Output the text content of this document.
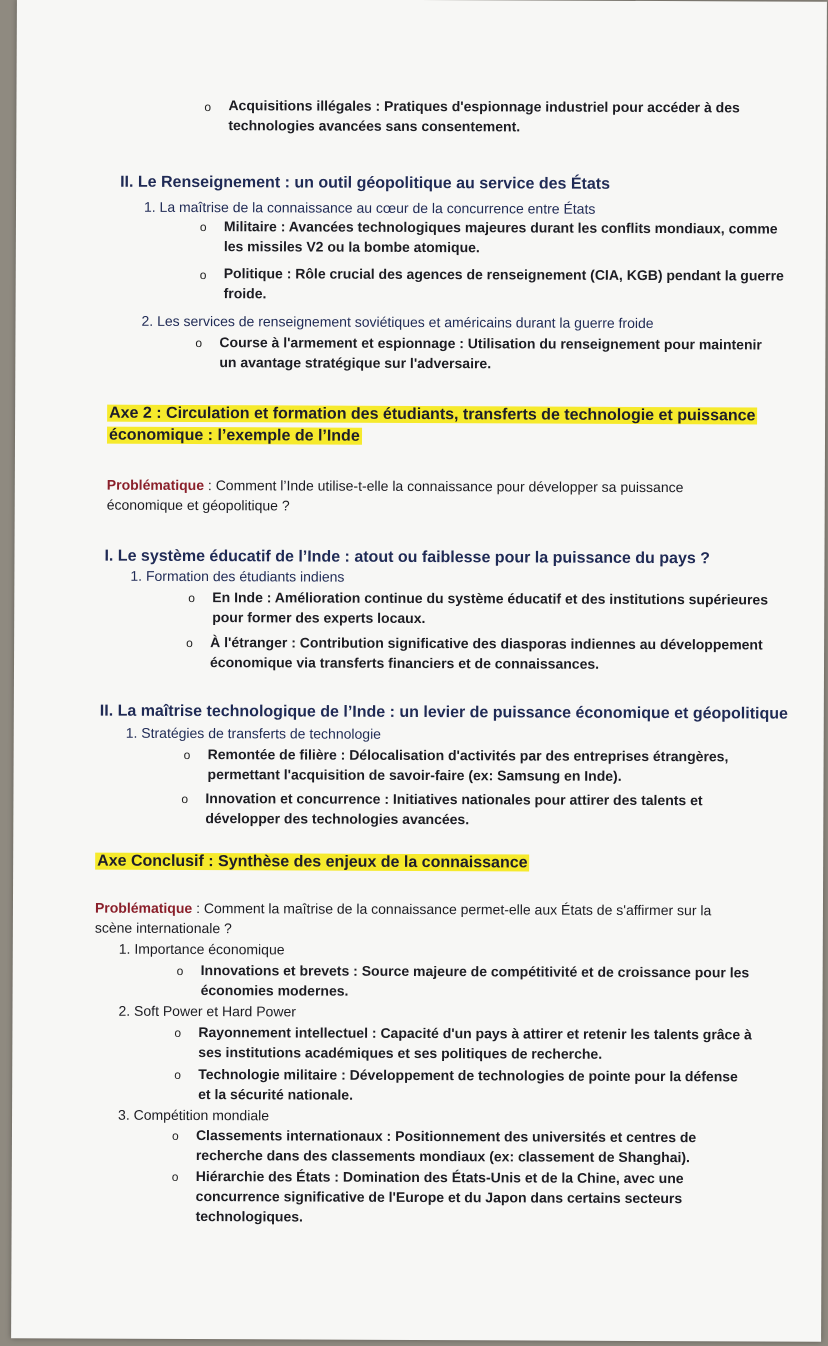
o Acquisitions illégales : Pratiques d'espionnage industriel pour accéder à des
technologies avancées sans consentement.
II. Le Renseignement : un outil géopolitique au service des États
1. La maîtrise de la connaissance au cœur de la concurrence entre États
o Militaire : Avancées technologiques majeures durant les conflits mondiaux, comme
les missiles V2 ou la bombe atomique.
o Politique : Rôle crucial des agences de renseignement (CIA, KGB) pendant la guerre
froide.
2. Les services de renseignement soviétiques et américains durant la guerre froide
o Course à l'armement et espionnage : Utilisation du renseignement pour maintenir
un avantage stratégique sur l'adversaire.
Axe 2 : Circulation et formation des étudiants, transferts de technologie et puissance
économique : l’exemple de l’Inde
Problématique : Comment l’Inde utilise-t-elle la connaissance pour développer sa puissance
économique et géopolitique ?
I. Le système éducatif de l’Inde : atout ou faiblesse pour la puissance du pays ?
1. Formation des étudiants indiens
o En Inde : Amélioration continue du système éducatif et des institutions supérieures
pour former des experts locaux.
o À l'étranger : Contribution significative des diasporas indiennes au développement
économique via transferts financiers et de connaissances.
II. La maîtrise technologique de l’Inde : un levier de puissance économique et géopolitique
1. Stratégies de transferts de technologie
o Remontée de filière : Délocalisation d'activités par des entreprises étrangères,
permettant l'acquisition de savoir-faire (ex: Samsung en Inde).
o Innovation et concurrence : Initiatives nationales pour attirer des talents et
développer des technologies avancées.
Axe Conclusif : Synthèse des enjeux de la connaissance
Problématique : Comment la maîtrise de la connaissance permet-elle aux États de s'affirmer sur la
scène internationale ?
1. Importance économique
o Innovations et brevets : Source majeure de compétitivité et de croissance pour les
économies modernes.
2. Soft Power et Hard Power
o Rayonnement intellectuel : Capacité d'un pays à attirer et retenir les talents grâce à
ses institutions académiques et ses politiques de recherche.
o Technologie militaire : Développement de technologies de pointe pour la défense
et la sécurité nationale.
3. Compétition mondiale
o Classements internationaux : Positionnement des universités et centres de
recherche dans des classements mondiaux (ex: classement de Shanghai).
o Hiérarchie des États : Domination des États-Unis et de la Chine, avec une
concurrence significative de l'Europe et du Japon dans certains secteurs
technologiques.
